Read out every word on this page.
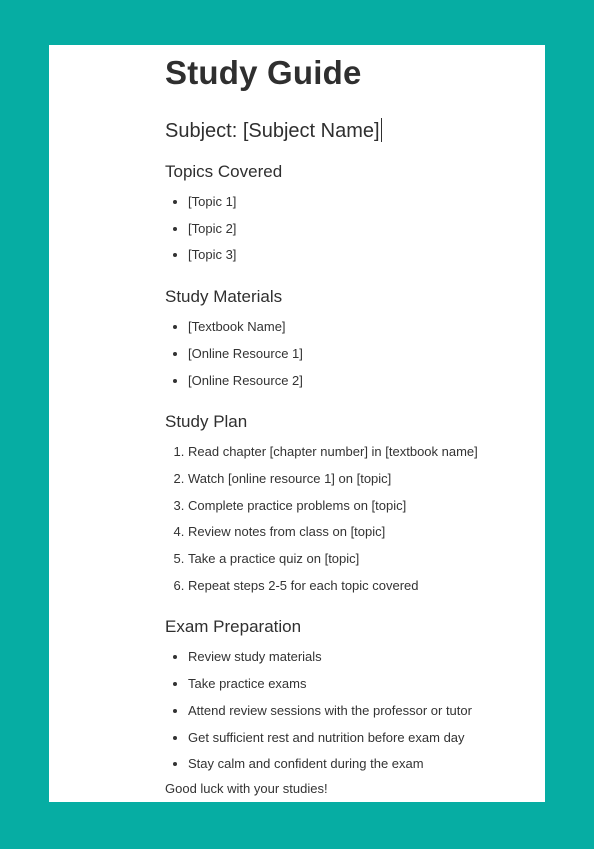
Study Guide
Subject: [Subject Name]
Topics Covered
• [Topic 1]
• [Topic 2]
• [Topic 3]
Study Materials
• [Textbook Name]
• [Online Resource 1]
• [Online Resource 2]
Study Plan
1. Read chapter [chapter number] in [textbook name]
2. Watch [online resource 1] on [topic]
3. Complete practice problems on [topic]
4. Review notes from class on [topic]
5. Take a practice quiz on [topic]
6. Repeat steps 2-5 for each topic covered
Exam Preparation
• Review study materials
• Take practice exams
• Attend review sessions with the professor or tutor
• Get sufficient rest and nutrition before exam day
• Stay calm and confident during the exam

Good luck with your studies!
